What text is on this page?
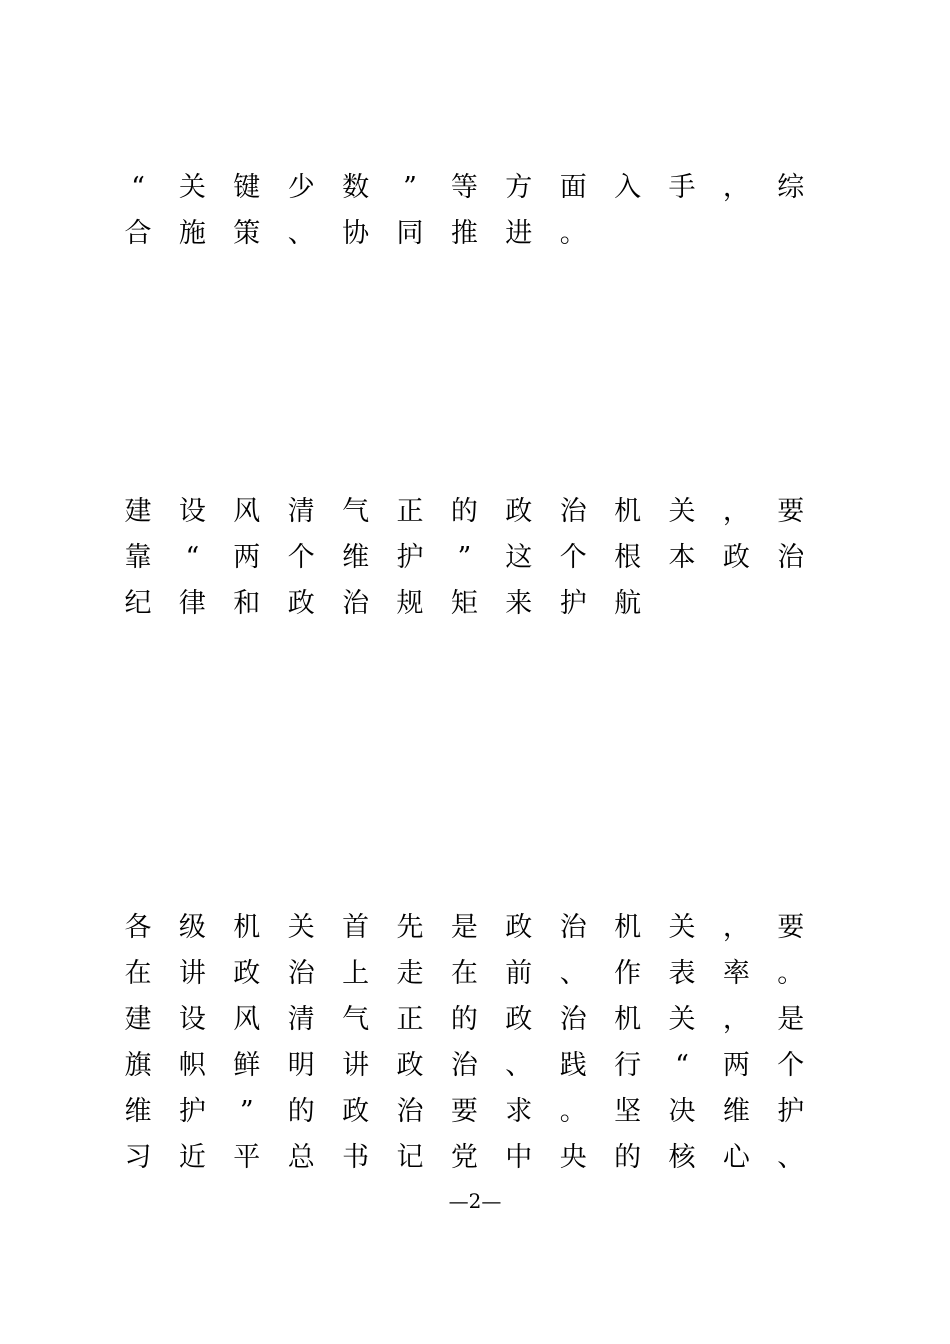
“	关 键 少 数	”	等 方 面 入 手 ， 综
合 施 策 、 协 同 推 进 。
建 设 风 清 气 正 的 政 治 机 关 ， 要
靠	“	两 个 维 护	”	这 个 根 本 政 治
纪 律 和 政 治 规 矩 来 护 航
各 级 机 关 首 先 是 政 治 机 关 ， 要
在 讲 政 治 上 走 在 前 、 作 表 率 。
建 设 风 清 气 正 的 政 治 机 关 ， 是
旗 帜 鲜 明 讲 政 治 、 践 行	“	两 个
维 护	”	的 政 治 要 求 。 坚 决 维 护
习 近 平 总 书 记 党 中 央 的 核 心 、
—2—
